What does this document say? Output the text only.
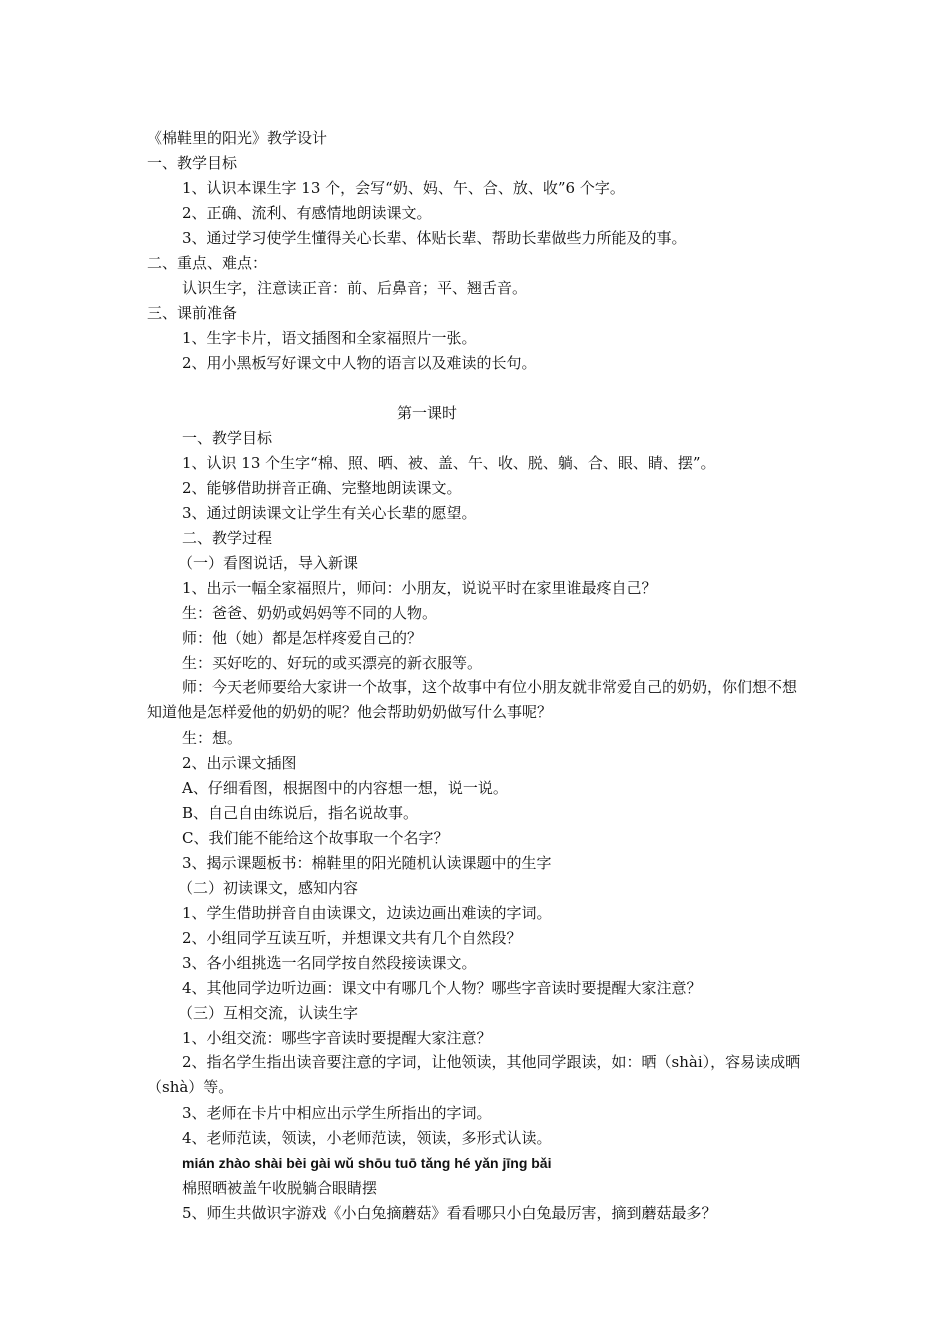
《棉鞋里的阳光》教学设计
一、教学目标
1、认识本课生字 13 个，会写“奶、妈、午、合、放、收”6 个字。
2、正确、流利、有感情地朗读课文。
3、通过学习使学生懂得关心长辈、体贴长辈、帮助长辈做些力所能及的事。
二、重点、难点：
认识生字，注意读正音：前、后鼻音；平、翘舌音。
三、课前准备
1、生字卡片，语文插图和全家福照片一张。
2、用小黑板写好课文中人物的语言以及难读的长句。
第一课时
一、教学目标
1、认识 13 个生字“棉、照、晒、被、盖、午、收、脱、躺、合、眼、睛、摆”。
2、能够借助拼音正确、完整地朗读课文。
3、通过朗读课文让学生有关心长辈的愿望。
二、教学过程
（一）看图说话，导入新课
1、出示一幅全家福照片，师问：小朋友，说说平时在家里谁最疼自己？
生：爸爸、奶奶或妈妈等不同的人物。
师：他（她）都是怎样疼爱自己的？
生：买好吃的、好玩的或买漂亮的新衣服等。
师：今天老师要给大家讲一个故事，这个故事中有位小朋友就非常爱自己的奶奶，你们想不想知道他是怎样爱他的奶奶的呢？他会帮助奶奶做写什么事呢？
生：想。
2、出示课文插图
A、仔细看图，根据图中的内容想一想，说一说。
B、自己自由练说后，指名说故事。
C、我们能不能给这个故事取一个名字？
3、揭示课题板书：棉鞋里的阳光随机认读课题中的生字
（二）初读课文，感知内容
1、学生借助拼音自由读课文，边读边画出难读的字词。
2、小组同学互读互听，并想课文共有几个自然段？
3、各小组挑选一名同学按自然段接读课文。
4、其他同学边听边画：课文中有哪几个人物？哪些字音读时要提醒大家注意？
（三）互相交流，认读生字
1、小组交流：哪些字音读时要提醒大家注意？
2、指名学生指出读音要注意的字词，让他领读，其他同学跟读，如：晒（shài），容易读成晒（shà）等。
3、老师在卡片中相应出示学生所指出的字词。
4、老师范读，领读，小老师范读，领读，多形式认读。
mián zhào shài bèi gài wǔ shōu tuō tǎng hé yǎn jīng bǎi
棉照晒被盖午收脱躺合眼睛摆
5、师生共做识字游戏《小白兔摘蘑菇》看看哪只小白兔最厉害，摘到蘑菇最多？
